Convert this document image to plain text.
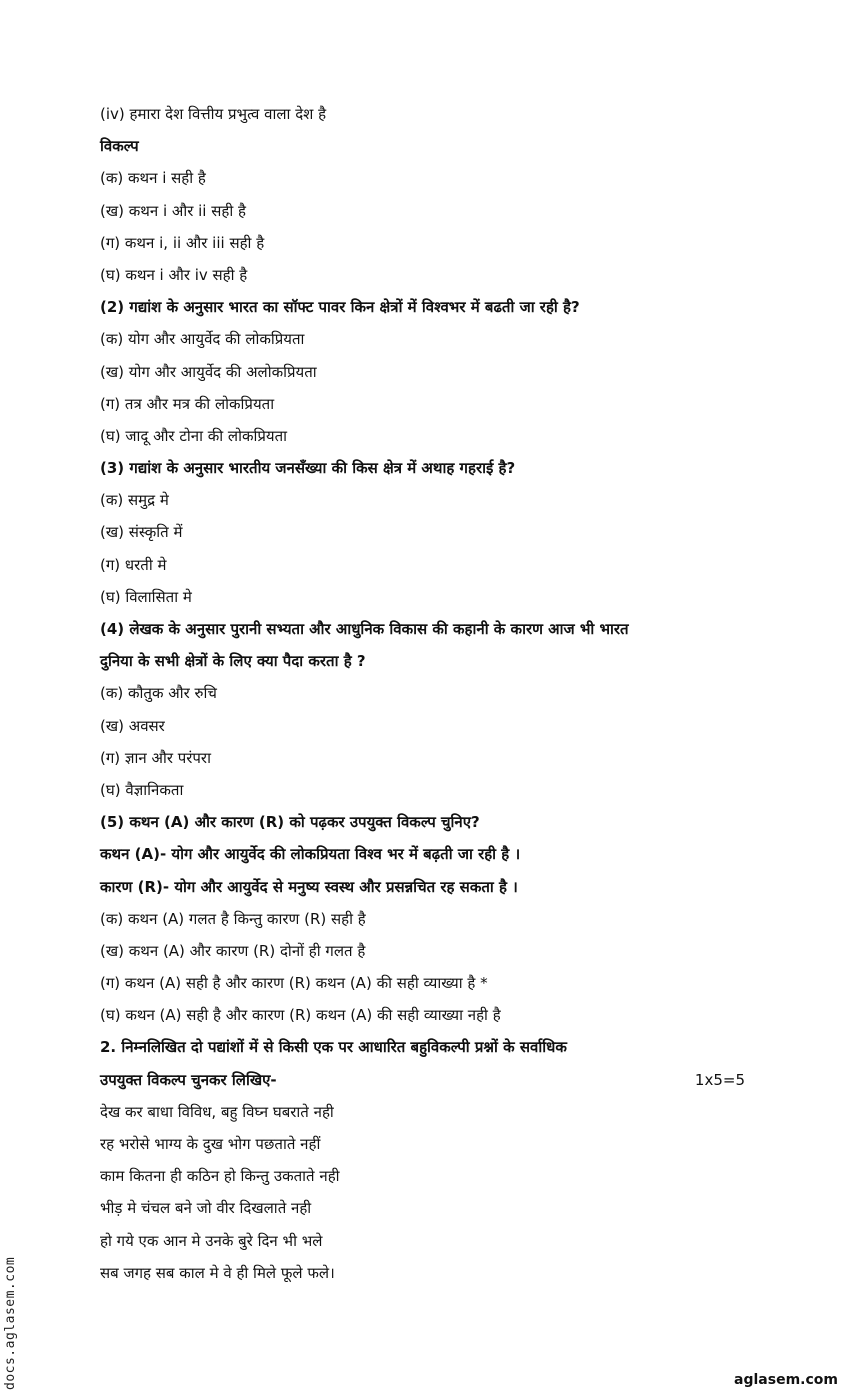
(iv) हमारा देश वित्तीय प्रभुत्व वाला देश है
विकल्प
(क) कथन i सही है
(ख) कथन i और ii सही है
(ग) कथन i, ii और iii सही है
(घ) कथन i और iv सही है
(2) गद्यांश के अनुसार भारत का सॉफ्ट पावर किन क्षेत्रों में विश्वभर में बढती जा रही है?
(क) योग और आयुर्वेद की लोकप्रियता
(ख) योग और आयुर्वेद की अलोकप्रियता
(ग) तत्र और मत्र की लोकप्रियता
(घ) जादू और टोना की लोकप्रियता
(3) गद्यांश के अनुसार भारतीय जनसँख्या की किस क्षेत्र में अथाह गहराई है?
(क) समुद्र मे
(ख) संस्कृति में
(ग) धरती मे
(घ) विलासिता मे
(4) लेखक के अनुसार पुरानी सभ्यता और आधुनिक विकास की कहानी के कारण आज भी भारत
दुनिया के सभी क्षेत्रों के लिए क्या पैदा करता है ?
(क) कौतुक और रुचि
(ख) अवसर
(ग) ज्ञान और परंपरा
(घ) वैज्ञानिकता
(5) कथन (A) और कारण (R) को पढ़कर उपयुक्त विकल्प चुनिए?
कथन (A)- योग और आयुर्वेद की लोकप्रियता विश्व भर में बढ़ती जा रही है ।
कारण (R)- योग और आयुर्वेद से मनुष्य स्वस्थ और प्रसन्नचित रह सकता है ।
(क) कथन (A) गलत है किन्तु कारण (R) सही है
(ख) कथन (A) और कारण (R) दोनों ही गलत है
(ग) कथन (A) सही है और कारण (R) कथन (A) की सही व्याख्या है *
(घ) कथन (A) सही है और कारण (R) कथन (A) की सही व्याख्या नही है
2. निम्नलिखित दो पद्यांशों में से किसी एक पर आधारित बहुविकल्पी प्रश्नों के सर्वाधिक
उपयुक्त विकल्प चुनकर लिखिए-	1x5=5
देख कर बाधा विविध, बहु विघ्न घबराते नही
रह भरोसे भाग्य के दुख भोग पछताते नहीं
काम कितना ही कठिन हो किन्तु उकताते नही
भीड़ मे चंचल बने जो वीर दिखलाते नही
हो गये एक आन मे उनके बुरे दिन भी भले
सब जगह सब काल मे वे ही मिले फूले फले।
docs.aglasem.com	aglasem.com
